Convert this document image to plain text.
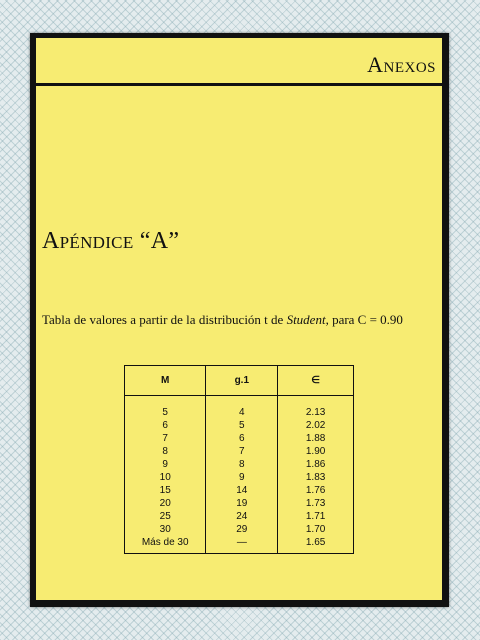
Anexos
Apéndice “A”
Tabla de valores a partir de la distribución t de Student, para C = 0.90
M	g.1	∈
5	4	2.13
6	5	2.02
7	6	1.88
8	7	1.90
9	8	1.86
10	9	1.83
15	14	1.76
20	19	1.73
25	24	1.71
30	29	1.70
Más de 30	—	1.65
